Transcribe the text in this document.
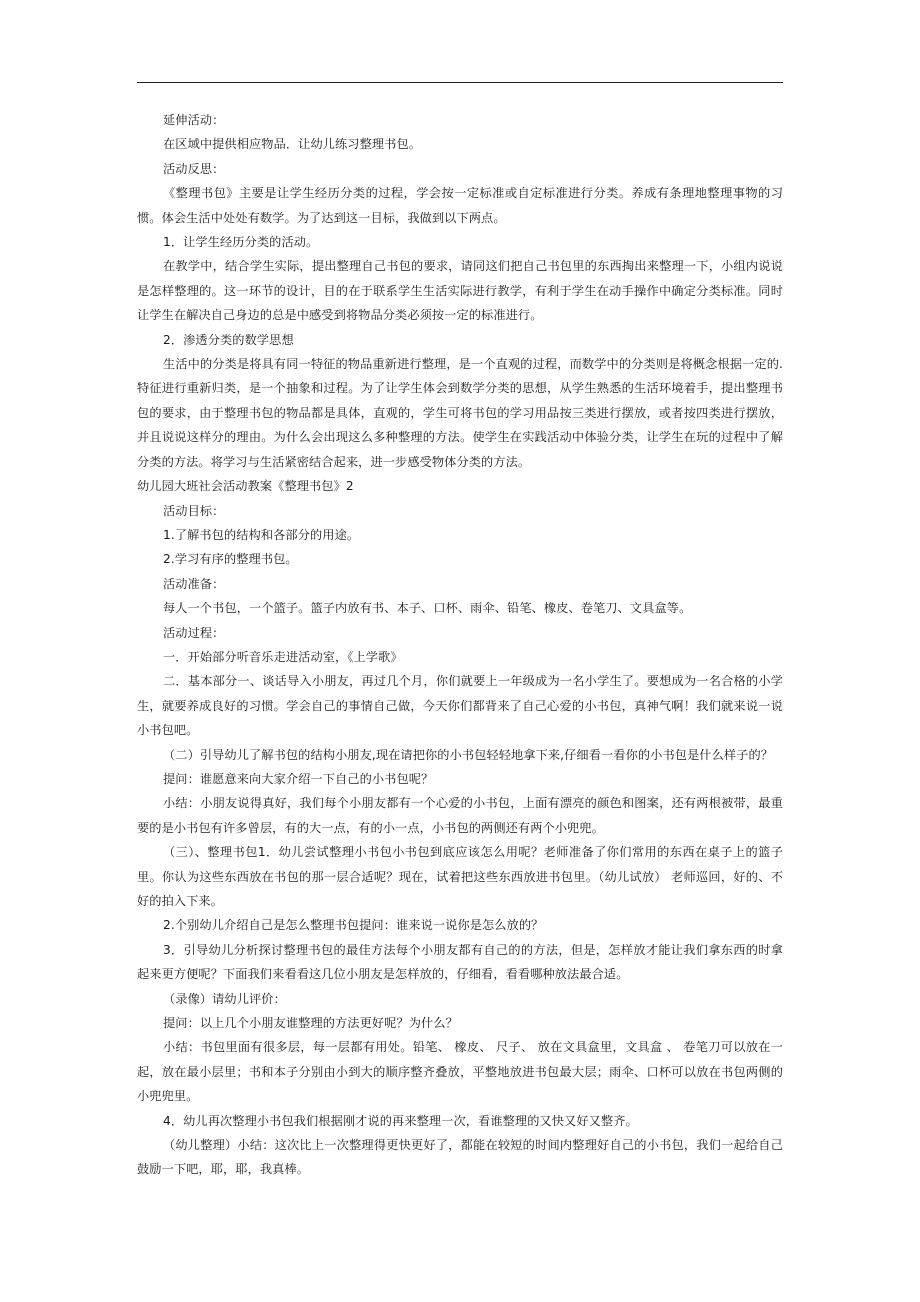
延伸活动：

在区域中提供相应物品．让幼儿练习整理书包。

活动反思：

《整理书包》主要是让学生经历分类的过程，学会按一定标准或自定标准进行分类。养成有条理地整理事物的习惯。体会生活中处处有数学。为了达到这一目标，我做到以下两点。

1．让学生经历分类的活动。

在教学中，结合学生实际，提出整理自己书包的要求，请同这们把自己书包里的东西掏出来整理一下，小组内说说是怎样整理的。这一环节的设计，目的在于联系学生生活实际进行教学，有利于学生在动手操作中确定分类标准。同时让学生在解决自己身边的总是中感受到将物品分类必须按一定的标准进行。

2．渗透分类的数学思想

生活中的分类是将具有同一特征的物品重新进行整理，是一个直观的过程，而数学中的分类则是将概念根据一定的.特征进行重新归类，是一个抽象和过程。为了让学生体会到数学分类的思想，从学生熟悉的生活环境着手，提出整理书包的要求，由于整理书包的物品都是具体，直观的，学生可将书包的学习用品按三类进行摆放，或者按四类进行摆放，并且说说这样分的理由。为什么会出现这么多种整理的方法。使学生在实践活动中体验分类，让学生在玩的过程中了解分类的方法。将学习与生活紧密结合起来，进一步感受物体分类的方法。

幼儿园大班社会活动教案《整理书包》2

活动目标：

1.了解书包的结构和各部分的用途。

2.学习有序的整理书包。

活动准备：

每人一个书包，一个篮子。篮子内放有书、本子、口杯、雨伞、铅笔、橡皮、卷笔刀、文具盒等。

活动过程：

一．开始部分听音乐走进活动室，《上学歌》

二．基本部分一、谈话导入小朋友，再过几个月，你们就要上一年级成为一名小学生了。要想成为一名合格的小学生，就要养成良好的习惯。学会自己的事情自己做，今天你们都背来了自己心爱的小书包，真神气啊！我们就来说一说小书包吧。

（二）引导幼儿了解书包的结构小朋友,现在请把你的小书包轻轻地拿下来,仔细看一看你的小书包是什么样子的？

提问：谁愿意来向大家介绍一下自己的小书包呢？

小结：小朋友说得真好，我们每个小朋友都有一个心爱的小书包，上面有漂亮的颜色和图案，还有两根被带，最重要的是小书包有许多曾层，有的大一点，有的小一点，小书包的两侧还有两个小兜兜。

（三）、整理书包1．幼儿尝试整理小书包小书包到底应该怎么用呢？老师准备了你们常用的东西在桌子上的篮子里。你认为这些东西放在书包的那一层合适呢？现在，试着把这些东西放进书包里。（幼儿试放） 老师巡回，好的、不好的拍入下来。

2.个别幼儿介绍自己是怎么整理书包提问：谁来说一说你是怎么放的？

3．引导幼儿分析探讨整理书包的最佳方法每个小朋友都有自己的的方法，但是，怎样放才能让我们拿东西的时拿起来更方便呢？下面我们来看看这几位小朋友是怎样放的，仔细看，看看哪种放法最合适。

（录像）请幼儿评价：

提问：以上几个小朋友谁整理的方法更好呢？为什么？

小结：书包里面有很多层，每一层都有用处。铅笔、 橡皮、 尺子、 放在文具盒里，文具盒 、 卷笔刀可以放在一起，放在最小层里；书和本子分别由小到大的顺序整齐叠放，平整地放进书包最大层；雨伞、口杯可以放在书包两侧的小兜兜里。

4．幼儿再次整理小书包我们根据刚才说的再来整理一次，看谁整理的又快又好又整齐。

（幼儿整理）小结：这次比上一次整理得更快更好了，都能在较短的时间内整理好自己的小书包，我们一起给自己鼓励一下吧，耶，耶，我真棒。
